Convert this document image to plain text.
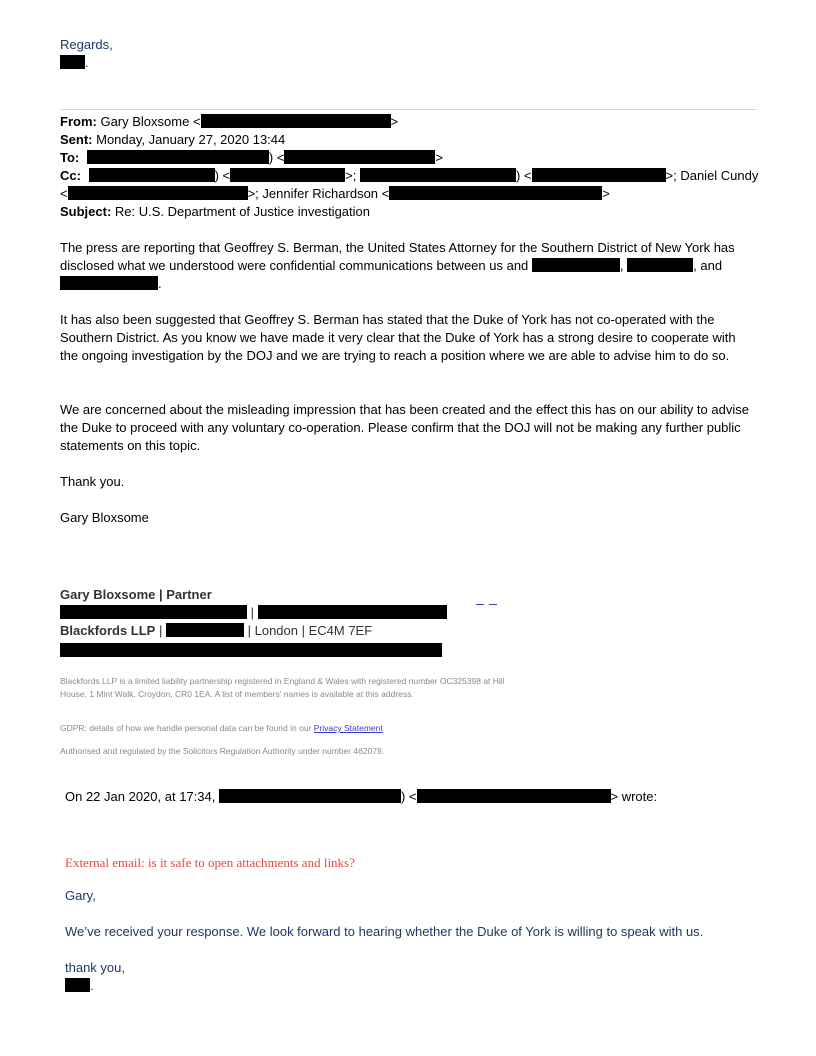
Regards,
.
From: Gary Bloxsome <	>
Sent: Monday, January 27, 2020 13:44
To:	) <	>
Cc:	) <	>;	) <	>; Daniel Cundy
<	>; Jennifer Richardson <	>
Subject: Re: U.S. Department of Justice investigation
The press are reporting that Geoffrey S. Berman, the United States Attorney for the Southern District of New York has disclosed what we understood were confidential communications between us and	,	, and .
It has also been suggested that Geoffrey S. Berman has stated that the Duke of York has not co-operated with the Southern District. As you know we have made it very clear that the Duke of York has a strong desire to cooperate with the ongoing investigation by the DOJ and we are trying to reach a position where we are able to advise him to do so.
We are concerned about the misleading impression that has been created and the effect this has on our ability to advise the Duke to proceed with any voluntary co-operation. Please confirm that the DOJ will not be making any further public statements on this topic.
Thank you.
Gary Bloxsome
Gary Bloxsome | Partner
|
Blackfords LLP |	| London | EC4M 7EF
Blackfords LLP is a limited liability partnership registered in England & Wales with registered number OC325398 at Hill House, 1 Mint Walk, Croydon, CR0 1EA. A list of members' names is available at this address.
GDPR: details of how we handle personal data can be found in our Privacy Statement
Authorised and regulated by the Solicitors Regulation Authority under number 462078.
On 22 Jan 2020, at 17:34,	) <	> wrote:
External email: is it safe to open attachments and links?
Gary,
We’ve received your response. We look forward to hearing whether the Duke of York is willing to speak with us.
thank you,
.
